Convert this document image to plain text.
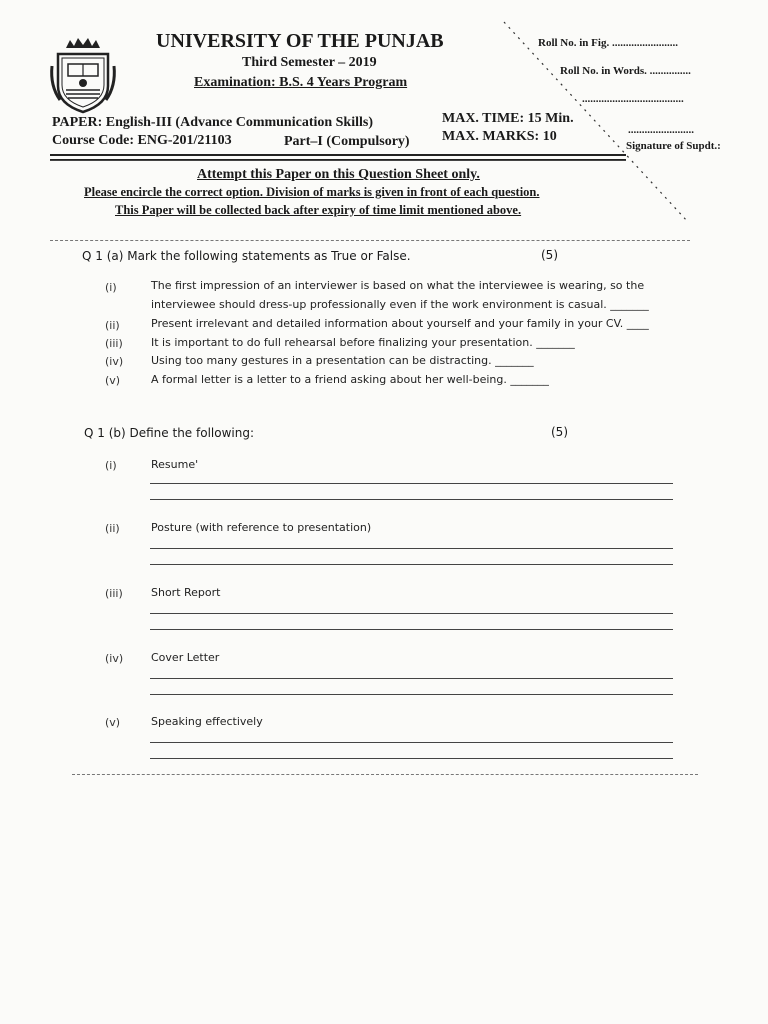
UNIVERSITY OF THE PUNJAB
Third Semester – 2019
Examination: B.S. 4 Years Program
Roll No. in Fig. ........................
Roll No. in Words. ...............
.....................................
........................
Signature of Supdt.:
PAPER: English-III (Advance Communication Skills)
Course Code: ENG-201/21103	Part–I (Compulsory)
MAX. TIME: 15 Min.
MAX. MARKS: 10
Attempt this Paper on this Question Sheet only.
Please encircle the correct option. Division of marks is given in front of each question.
This Paper will be collected back after expiry of time limit mentioned above.
Q 1 (a) Mark the following statements as True or False.	(5)
(i)	The first impression of an interviewer is based on what the interviewee is wearing, so the
interviewee should dress-up professionally even if the work environment is casual. _______
(ii)	Present irrelevant and detailed information about yourself and your family in your CV. ____
(iii)	It is important to do full rehearsal before finalizing your presentation. _______
(iv)	Using too many gestures in a presentation can be distracting. _______
(v)	A formal letter is a letter to a friend asking about her well-being. _______
Q 1 (b) Define the following:	(5)
(i)	Resume'
(ii)	Posture (with reference to presentation)
(iii)	Short Report
(iv)	Cover Letter
(v)	Speaking effectively
